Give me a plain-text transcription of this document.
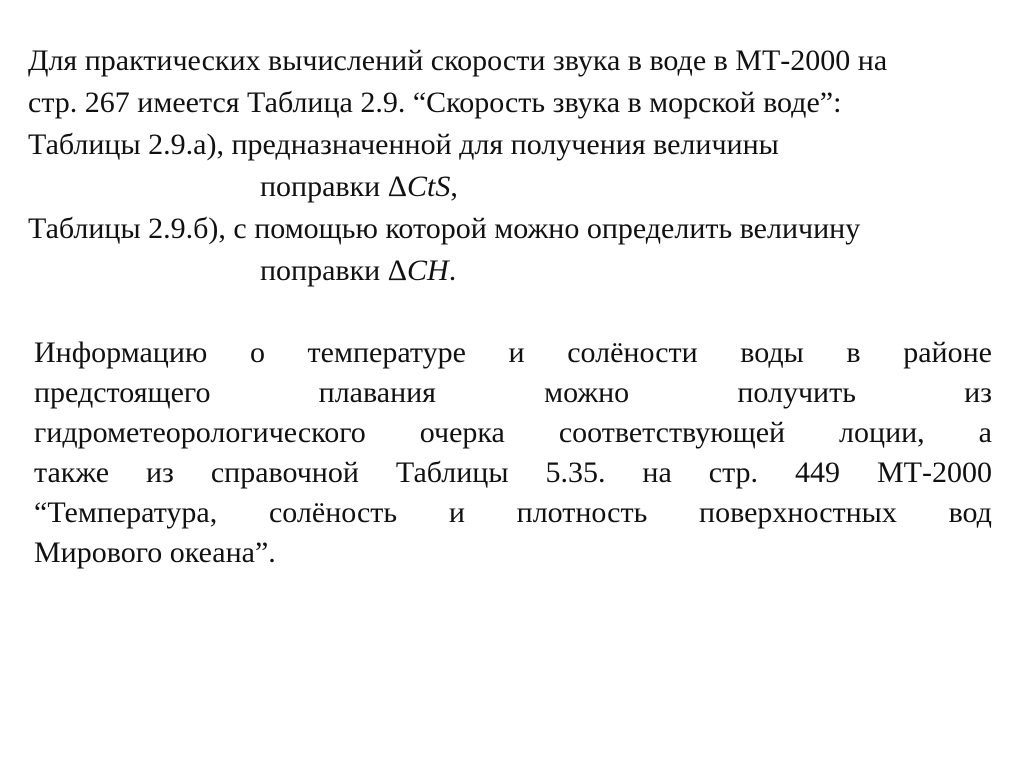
Для практических вычислений скорости звука в воде в МТ-2000 на
стр. 267 имеется Таблица 2.9. “Скорость звука в морской воде”:
Таблицы 2.9.а), предназначенной для получения величины
поправки ΔCtS,
Таблицы 2.9.б), с помощью которой можно определить величину
поправки ΔCH.
Информацию о температуре и солёности воды в районе
предстоящего	плавания	можно	получить	из
гидрометеорологического очерка соответствующей лоции, а
также из справочной Таблицы 5.35. на стр. 449 МТ-2000
“Температура, солёность и плотность поверхностных вод
Мирового океана”.
